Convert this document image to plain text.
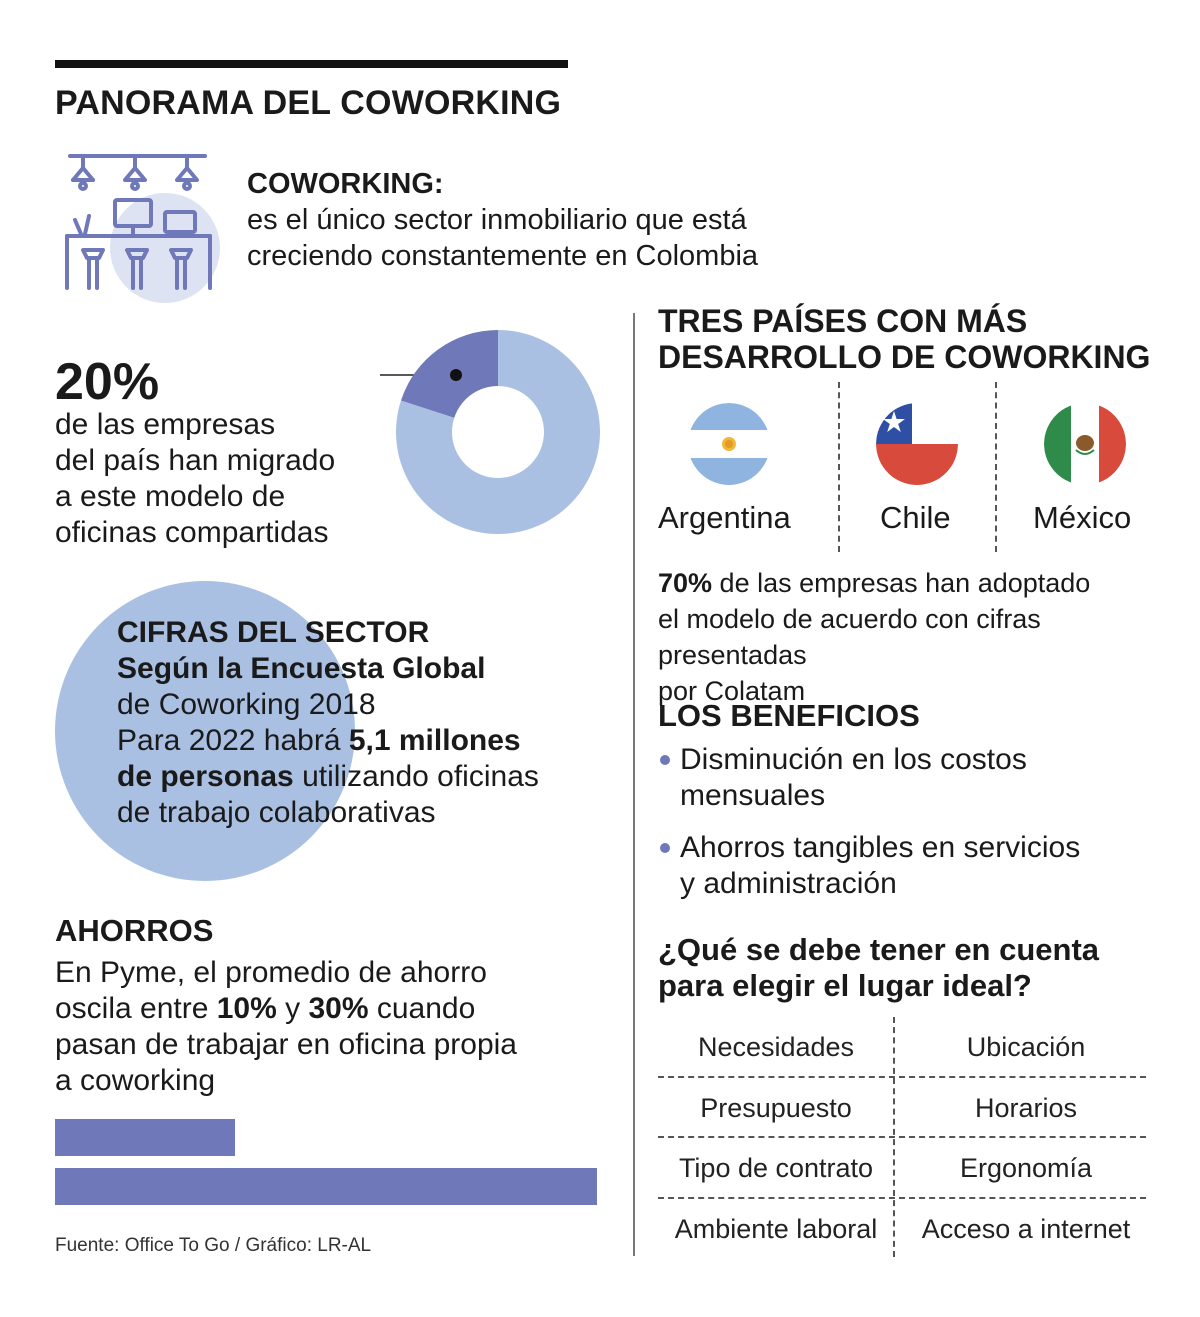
PANORAMA DEL COWORKING
COWORKING:
es el único sector inmobiliario que está
creciendo constantemente en Colombia
20%
de las empresas
del país han migrado
a este modelo de
oficinas compartidas
CIFRAS DEL SECTOR
Según la Encuesta Global
de Coworking 2018
Para 2022 habrá 5,1 millones
de personas utilizando oficinas
de trabajo colaborativas
AHORROS
En Pyme, el promedio de ahorro
oscila entre 10% y 30% cuando
pasan de trabajar en oficina propia
a coworking
Fuente: Office To Go / Gráfico: LR-AL
TRES PAÍSES CON MÁS
DESARROLLO DE COWORKING
Argentina	Chile	México
70% de las empresas han adoptado
el modelo de acuerdo con cifras presentadas
por Colatam
LOS BENEFICIOS
Disminución en los costos
mensuales
Ahorros tangibles en servicios
y administración
¿Qué se debe tener en cuenta
para elegir el lugar ideal?
Necesidades	Ubicación
Presupuesto	Horarios
Tipo de contrato	Ergonomía
Ambiente laboral	Acceso a internet
